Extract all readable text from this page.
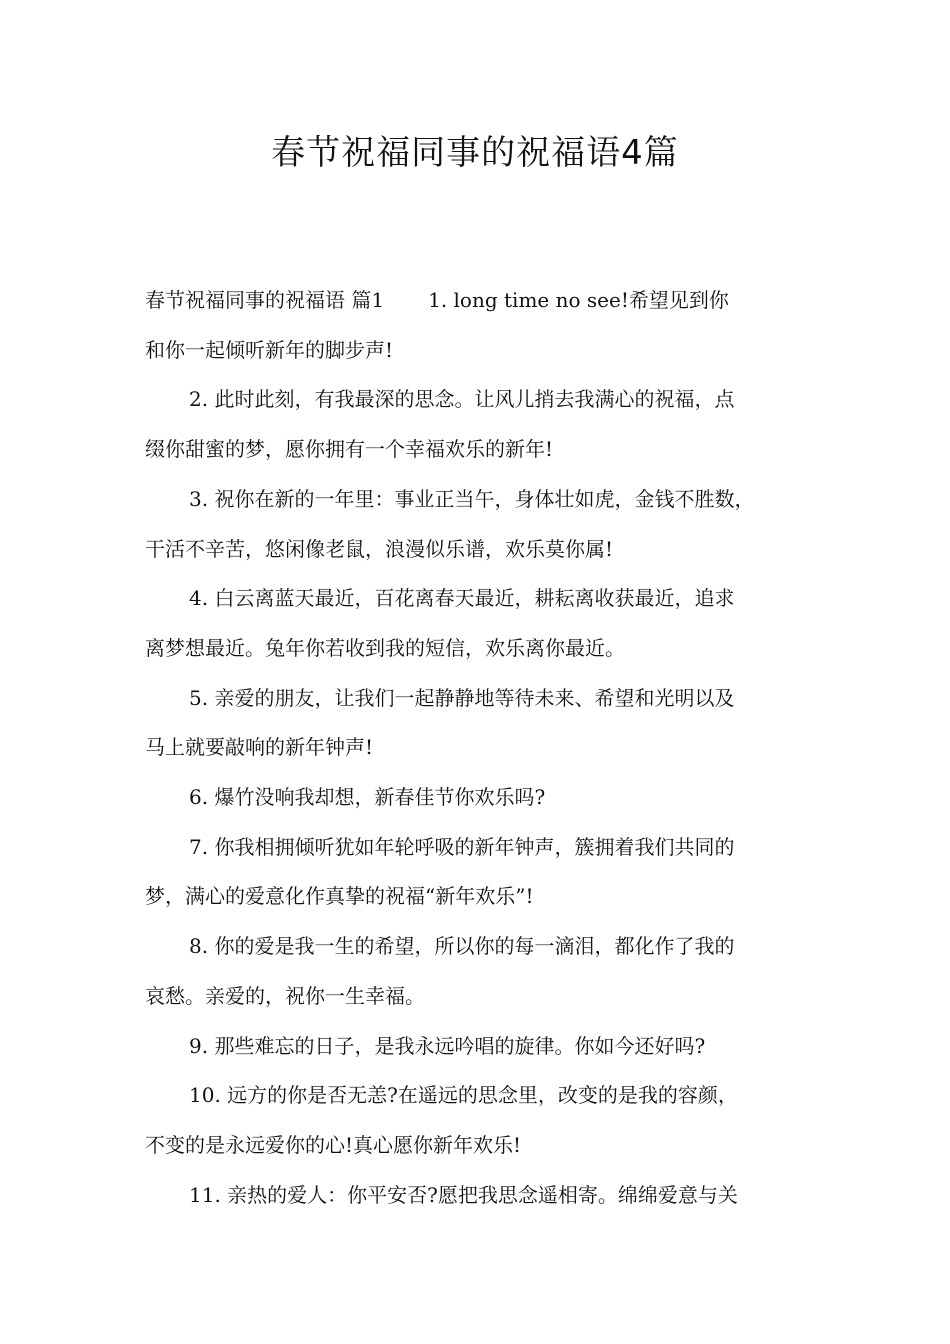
春节祝福同事的祝福语4篇

春节祝福同事的祝福语 篇1 1. long time no see!希望见到你
和你一起倾听新年的脚步声!

2. 此时此刻，有我最深的思念。让风儿捎去我满心的祝福，点
缀你甜蜜的梦，愿你拥有一个幸福欢乐的新年!

3. 祝你在新的一年里：事业正当午，身体壮如虎，金钱不胜数，
干活不辛苦，悠闲像老鼠，浪漫似乐谱，欢乐莫你属!

4. 白云离蓝天最近，百花离春天最近，耕耘离收获最近，追求
离梦想最近。兔年你若收到我的短信，欢乐离你最近。

5. 亲爱的朋友，让我们一起静静地等待未来、希望和光明以及
马上就要敲响的新年钟声!

6. 爆竹没响我却想，新春佳节你欢乐吗?

7. 你我相拥倾听犹如年轮呼吸的新年钟声，簇拥着我们共同的
梦，满心的爱意化作真挚的祝福“新年欢乐”!

8. 你的爱是我一生的希望，所以你的每一滴泪，都化作了我的
哀愁。亲爱的，祝你一生幸福。

9. 那些难忘的日子，是我永远吟唱的旋律。你如今还好吗?

10. 远方的你是否无恙?在遥远的思念里，改变的是我的容颜，
不变的是永远爱你的心!真心愿你新年欢乐!

11. 亲热的爱人：你平安否?愿把我思念遥相寄。绵绵爱意与关
